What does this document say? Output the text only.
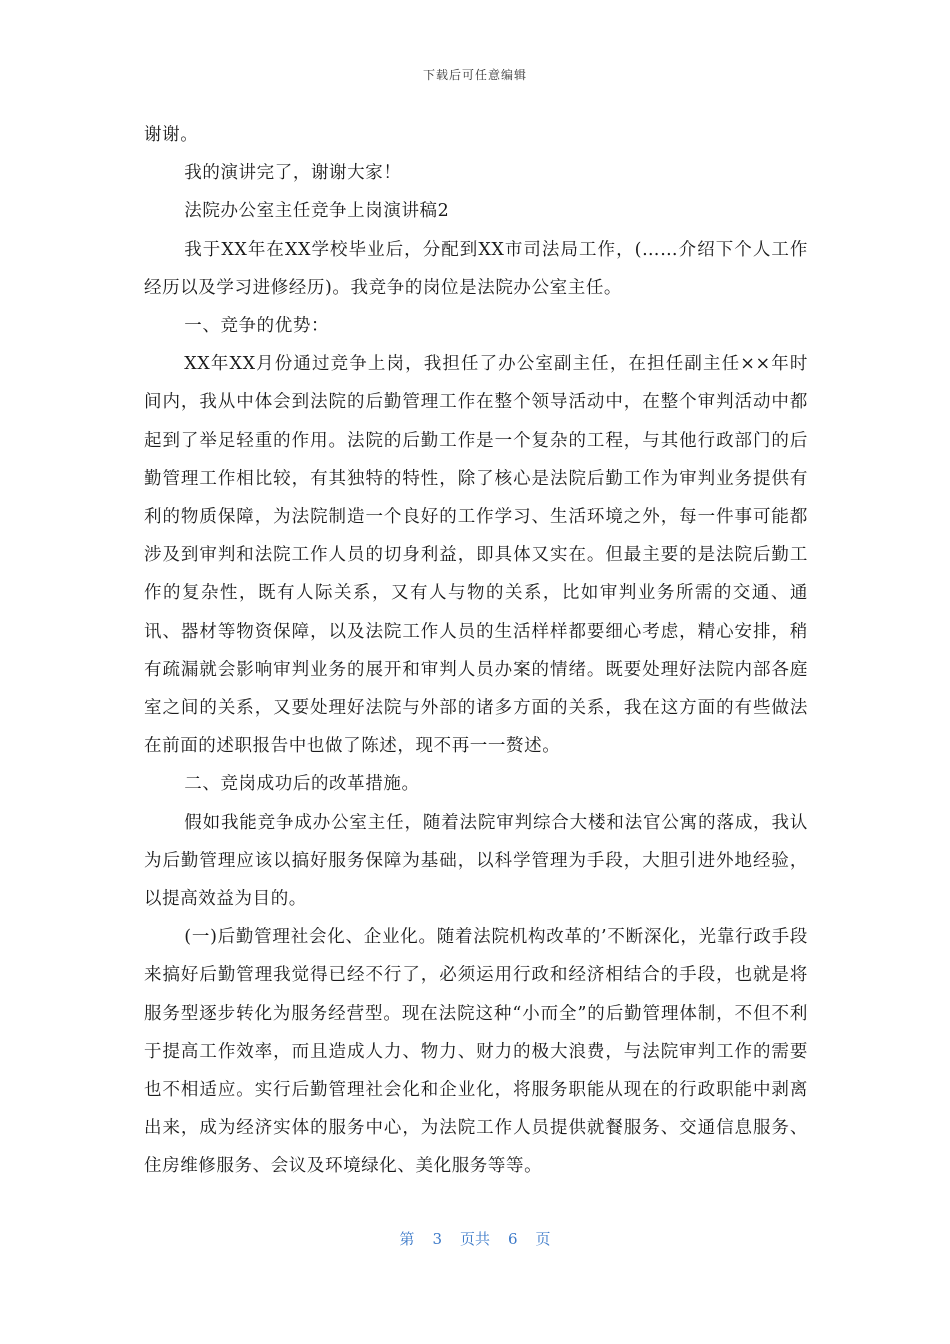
下载后可任意编辑

谢谢。

我的演讲完了，谢谢大家！

法院办公室主任竞争上岗演讲稿2

我于XX年在XX学校毕业后，分配到XX市司法局工作，(……介绍下个人工作经历以及学习进修经历)。我竞争的岗位是法院办公室主任。

一、竞争的优势：

XX年XX月份通过竞争上岗，我担任了办公室副主任，在担任副主任××年时间内，我从中体会到法院的后勤管理工作在整个领导活动中，在整个审判活动中都起到了举足轻重的作用。法院的后勤工作是一个复杂的工程，与其他行政部门的后勤管理工作相比较，有其独特的特性，除了核心是法院后勤工作为审判业务提供有利的物质保障，为法院制造一个良好的工作学习、生活环境之外，每一件事可能都涉及到审判和法院工作人员的切身利益，即具体又实在。但最主要的是法院后勤工作的复杂性，既有人际关系，又有人与物的关系，比如审判业务所需的交通、通讯、器材等物资保障，以及法院工作人员的生活样样都要细心考虑，精心安排，稍有疏漏就会影响审判业务的展开和审判人员办案的情绪。既要处理好法院内部各庭室之间的关系，又要处理好法院与外部的诸多方面的关系，我在这方面的有些做法在前面的述职报告中也做了陈述，现不再一一赘述。

二、竞岗成功后的改革措施。

假如我能竞争成办公室主任，随着法院审判综合大楼和法官公寓的落成，我认为后勤管理应该以搞好服务保障为基础，以科学管理为手段，大胆引进外地经验，以提高效益为目的。

(一)后勤管理社会化、企业化。随着法院机构改革的’不断深化，光靠行政手段来搞好后勤管理我觉得已经不行了，必须运用行政和经济相结合的手段，也就是将服务型逐步转化为服务经营型。现在法院这种“小而全”的后勤管理体制，不但不利于提高工作效率，而且造成人力、物力、财力的极大浪费，与法院审判工作的需要也不相适应。实行后勤管理社会化和企业化，将服务职能从现在的行政职能中剥离出来，成为经济实体的服务中心，为法院工作人员提供就餐服务、交通信息服务、住房维修服务、会议及环境绿化、美化服务等等。

第 3 页共 6 页
